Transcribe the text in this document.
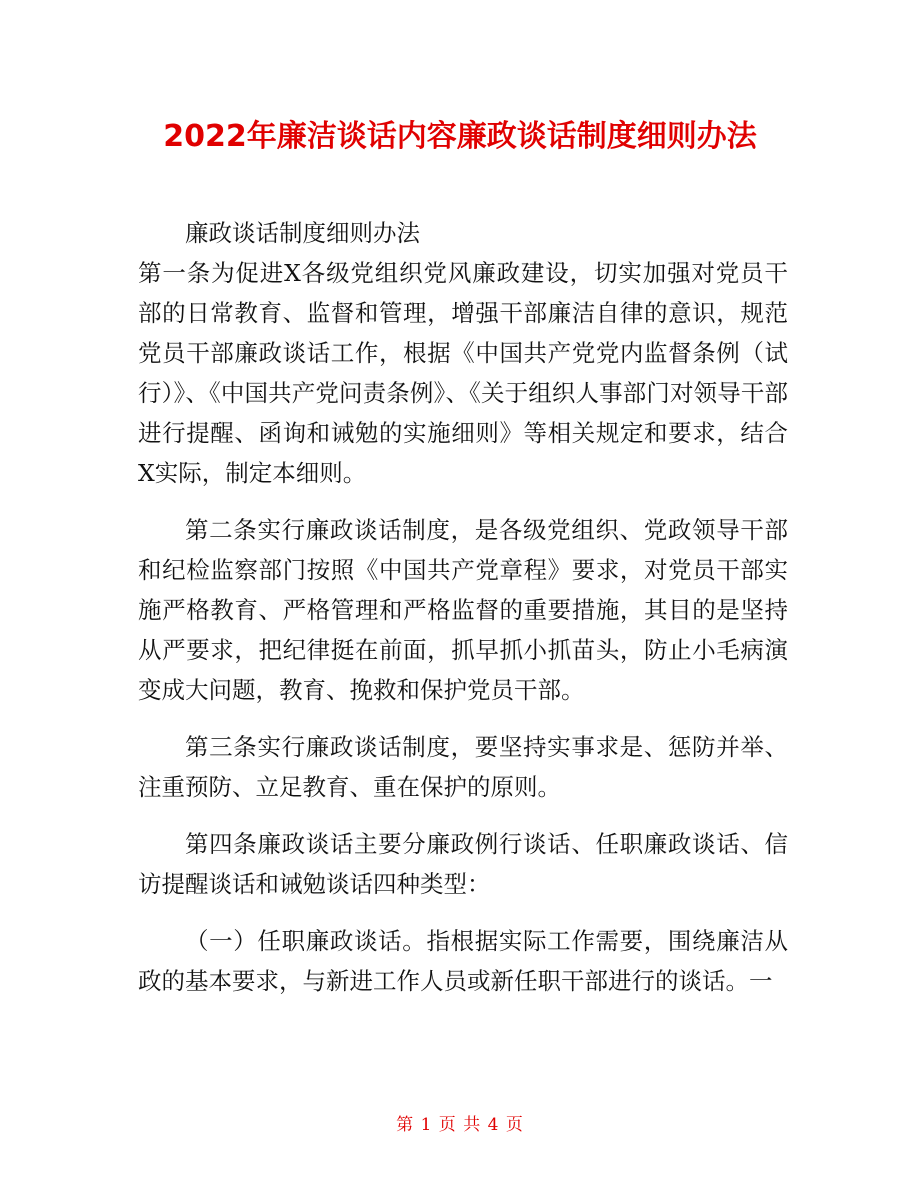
2022年廉洁谈话内容廉政谈话制度细则办法

廉政谈话制度细则办法

第一条为促进X各级党组织党风廉政建设，切实加强对党员干部的日常教育、监督和管理，增强干部廉洁自律的意识，规范党员干部廉政谈话工作，根据《中国共产党党内监督条例（试行）》、《中国共产党问责条例》、《关于组织人事部门对领导干部进行提醒、函询和诫勉的实施细则》等相关规定和要求，结合X实际，制定本细则。

第二条实行廉政谈话制度，是各级党组织、党政领导干部和纪检监察部门按照《中国共产党章程》要求，对党员干部实施严格教育、严格管理和严格监督的重要措施，其目的是坚持从严要求，把纪律挺在前面，抓早抓小抓苗头，防止小毛病演变成大问题，教育、挽救和保护党员干部。

第三条实行廉政谈话制度，要坚持实事求是、惩防并举、注重预防、立足教育、重在保护的原则。

第四条廉政谈话主要分廉政例行谈话、任职廉政谈话、信访提醒谈话和诫勉谈话四种类型：

（一）任职廉政谈话。指根据实际工作需要，围绕廉洁从政的基本要求，与新进工作人员或新任职干部进行的谈话。一

第 1 页 共 4 页
